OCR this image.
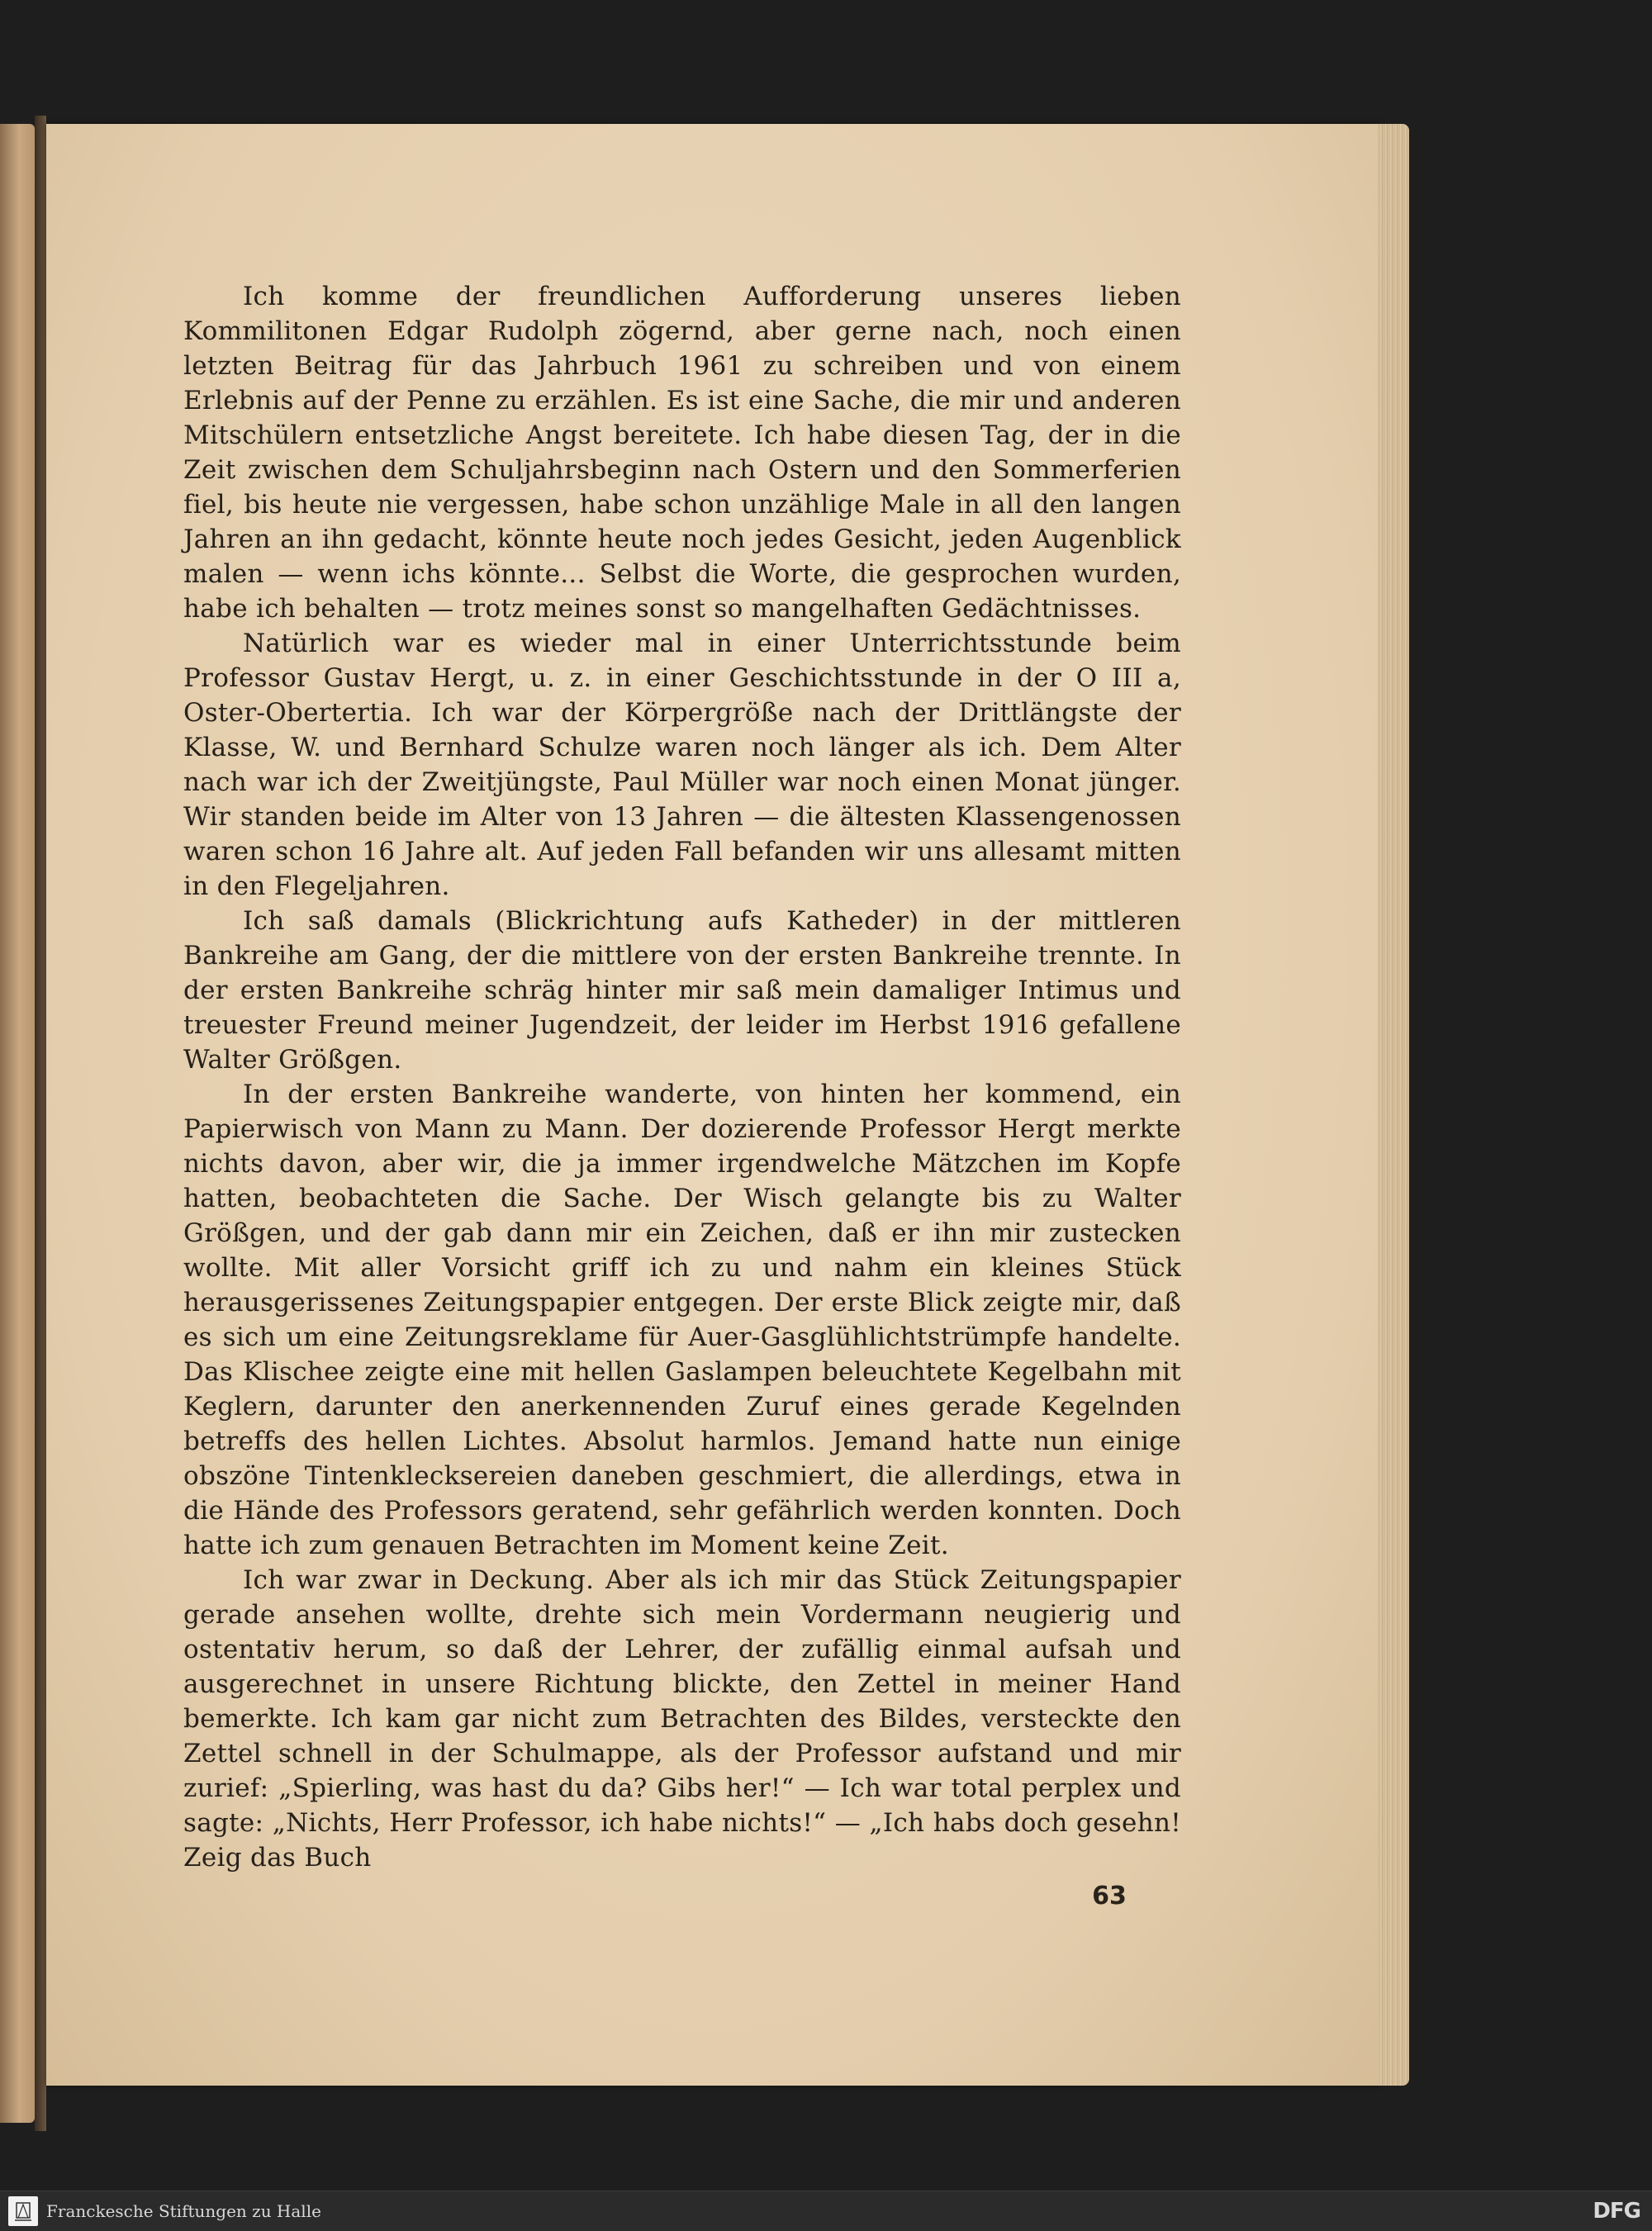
Ich komme der freundlichen Aufforderung unseres lieben Kommilitonen Edgar Rudolph zögernd, aber gerne nach, noch einen letzten Beitrag für das Jahrbuch 1961 zu schreiben und von einem Erlebnis auf der Penne zu erzählen. Es ist eine Sache, die mir und anderen Mitschülern entsetzliche Angst bereitete. Ich habe diesen Tag, der in die Zeit zwischen dem Schuljahrsbeginn nach Ostern und den Sommerferien fiel, bis heute nie vergessen, habe schon unzählige Male in all den langen Jahren an ihn gedacht, könnte heute noch jedes Gesicht, jeden Augenblick malen — wenn ichs könnte... Selbst die Worte, die gesprochen wurden, habe ich behalten — trotz meines sonst so mangelhaften Gedächtnisses.

Natürlich war es wieder mal in einer Unterrichtsstunde beim Professor Gustav Hergt, u. z. in einer Geschichtsstunde in der O III a, Oster-Obertertia. Ich war der Körpergröße nach der Drittlängste der Klasse, W. und Bernhard Schulze waren noch länger als ich. Dem Alter nach war ich der Zweitjüngste, Paul Müller war noch einen Monat jünger. Wir standen beide im Alter von 13 Jahren — die ältesten Klassengenossen waren schon 16 Jahre alt. Auf jeden Fall befanden wir uns allesamt mitten in den Flegeljahren.

Ich saß damals (Blickrichtung aufs Katheder) in der mittleren Bankreihe am Gang, der die mittlere von der ersten Bankreihe trennte. In der ersten Bankreihe schräg hinter mir saß mein damaliger Intimus und treuester Freund meiner Jugendzeit, der leider im Herbst 1916 gefallene Walter Größgen.

In der ersten Bankreihe wanderte, von hinten her kommend, ein Papierwisch von Mann zu Mann. Der dozierende Professor Hergt merkte nichts davon, aber wir, die ja immer irgendwelche Mätzchen im Kopfe hatten, beobachteten die Sache. Der Wisch gelangte bis zu Walter Größgen, und der gab dann mir ein Zeichen, daß er ihn mir zustecken wollte. Mit aller Vorsicht griff ich zu und nahm ein kleines Stück herausgerissenes Zeitungspapier entgegen. Der erste Blick zeigte mir, daß es sich um eine Zeitungsreklame für Auer-Gasglühlichtstrümpfe handelte. Das Klischee zeigte eine mit hellen Gaslampen beleuchtete Kegelbahn mit Keglern, darunter den anerkennenden Zuruf eines gerade Kegelnden betreffs des hellen Lichtes. Absolut harmlos. Jemand hatte nun einige obszöne Tintenklecksereien daneben geschmiert, die allerdings, etwa in die Hände des Professors geratend, sehr gefährlich werden konnten. Doch hatte ich zum genauen Betrachten im Moment keine Zeit.

Ich war zwar in Deckung. Aber als ich mir das Stück Zeitungspapier gerade ansehen wollte, drehte sich mein Vordermann neugierig und ostentativ herum, so daß der Lehrer, der zufällig einmal aufsah und ausgerechnet in unsere Richtung blickte, den Zettel in meiner Hand bemerkte. Ich kam gar nicht zum Betrachten des Bildes, versteckte den Zettel schnell in der Schulmappe, als der Professor aufstand und mir zurief: „Spierling, was hast du da? Gibs her!“ — Ich war total perplex und sagte: „Nichts, Herr Professor, ich habe nichts!“ — „Ich habs doch gesehn! Zeig das Buch

63
Franckesche Stiftungen zu Halle	DFG
